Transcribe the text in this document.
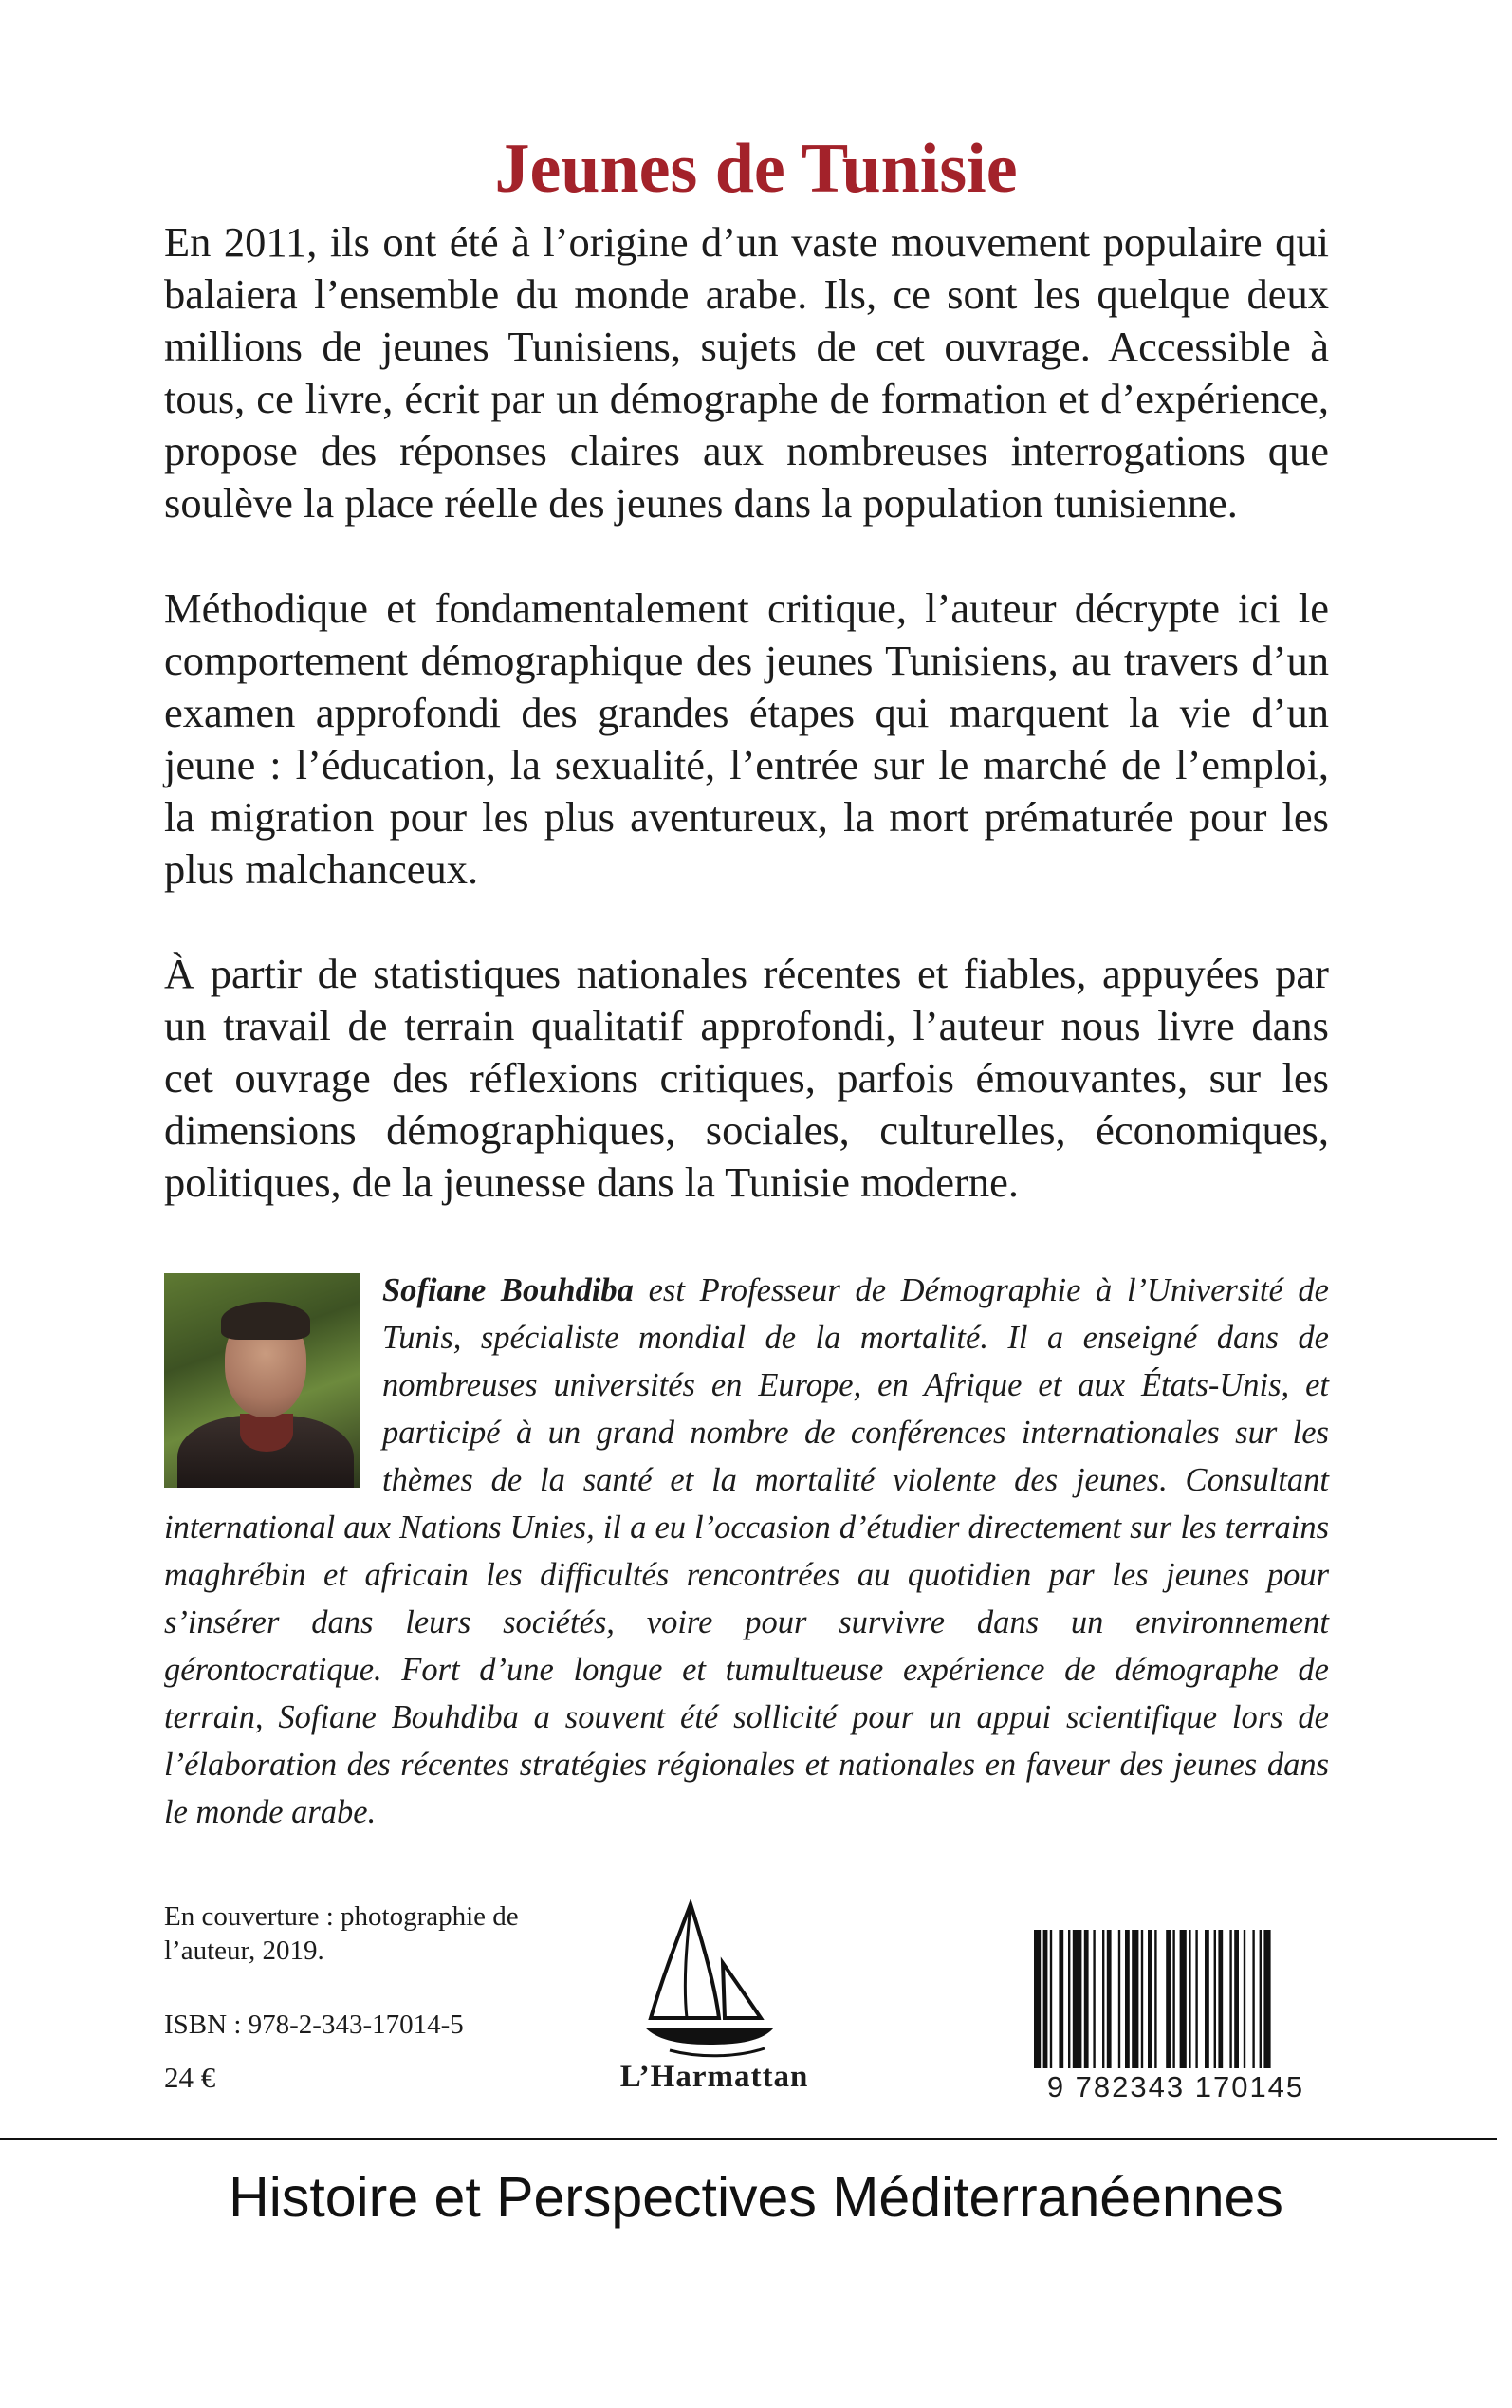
Jeunes de Tunisie

En 2011, ils ont été à l’origine d’un vaste mouvement populaire qui balaiera l’ensemble du monde arabe. Ils, ce sont les quelque deux millions de jeunes Tunisiens, sujets de cet ouvrage. Accessible à tous, ce livre, écrit par un démographe de formation et d’expérience, propose des réponses claires aux nombreuses interrogations que soulève la place réelle des jeunes dans la population tunisienne.

Méthodique et fondamentalement critique, l’auteur décrypte ici le comportement démographique des jeunes Tunisiens, au travers d’un examen approfondi des grandes étapes qui marquent la vie d’un jeune : l’éducation, la sexualité, l’entrée sur le marché de l’emploi, la migration pour les plus aventureux, la mort prématurée pour les plus malchanceux.

À partir de statistiques nationales récentes et fiables, appuyées par un travail de terrain qualitatif approfondi, l’auteur nous livre dans cet ouvrage des réflexions critiques, parfois émouvantes, sur les dimensions démographiques, sociales, culturelles, économiques, politiques, de la jeunesse dans la Tunisie moderne.

Sofiane Bouhdiba est Professeur de Démographie à l’Université de Tunis, spécialiste mondial de la mortalité. Il a enseigné dans de nombreuses universités en Europe, en Afrique et aux États-Unis, et participé à un grand nombre de conférences internationales sur les thèmes de la santé et la mortalité violente des jeunes. Consultant international aux Nations Unies, il a eu l’occasion d’étudier directement sur les terrains maghrébin et africain les difficultés rencontrées au quotidien par les jeunes pour s’insérer dans leurs sociétés, voire pour survivre dans un environnement gérontocratique. Fort d’une longue et tumultueuse expérience de démographe de terrain, Sofiane Bouhdiba a souvent été sollicité pour un appui scientifique lors de l’élaboration des récentes stratégies régionales et nationales en faveur des jeunes dans le monde arabe.

En couverture : photographie de l’auteur, 2019.

ISBN : 978-2-343-17014-5
24 €	L’Harmattan	9 782343 170145
Histoire et Perspectives Méditerranéennes
